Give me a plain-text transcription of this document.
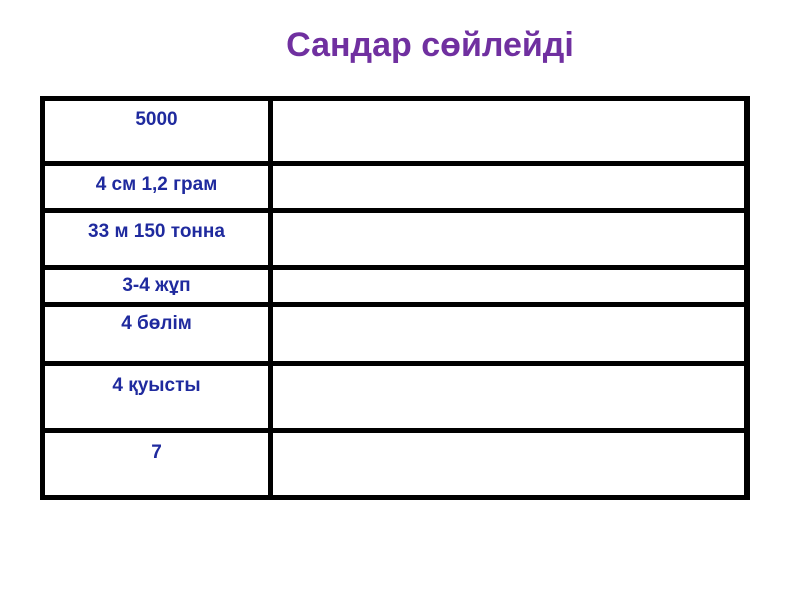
Сандар сөйлейді
5000
4 см 1,2 грам
33 м 150 тонна
3-4 жұп
4 бөлім
4 қуысты
7
